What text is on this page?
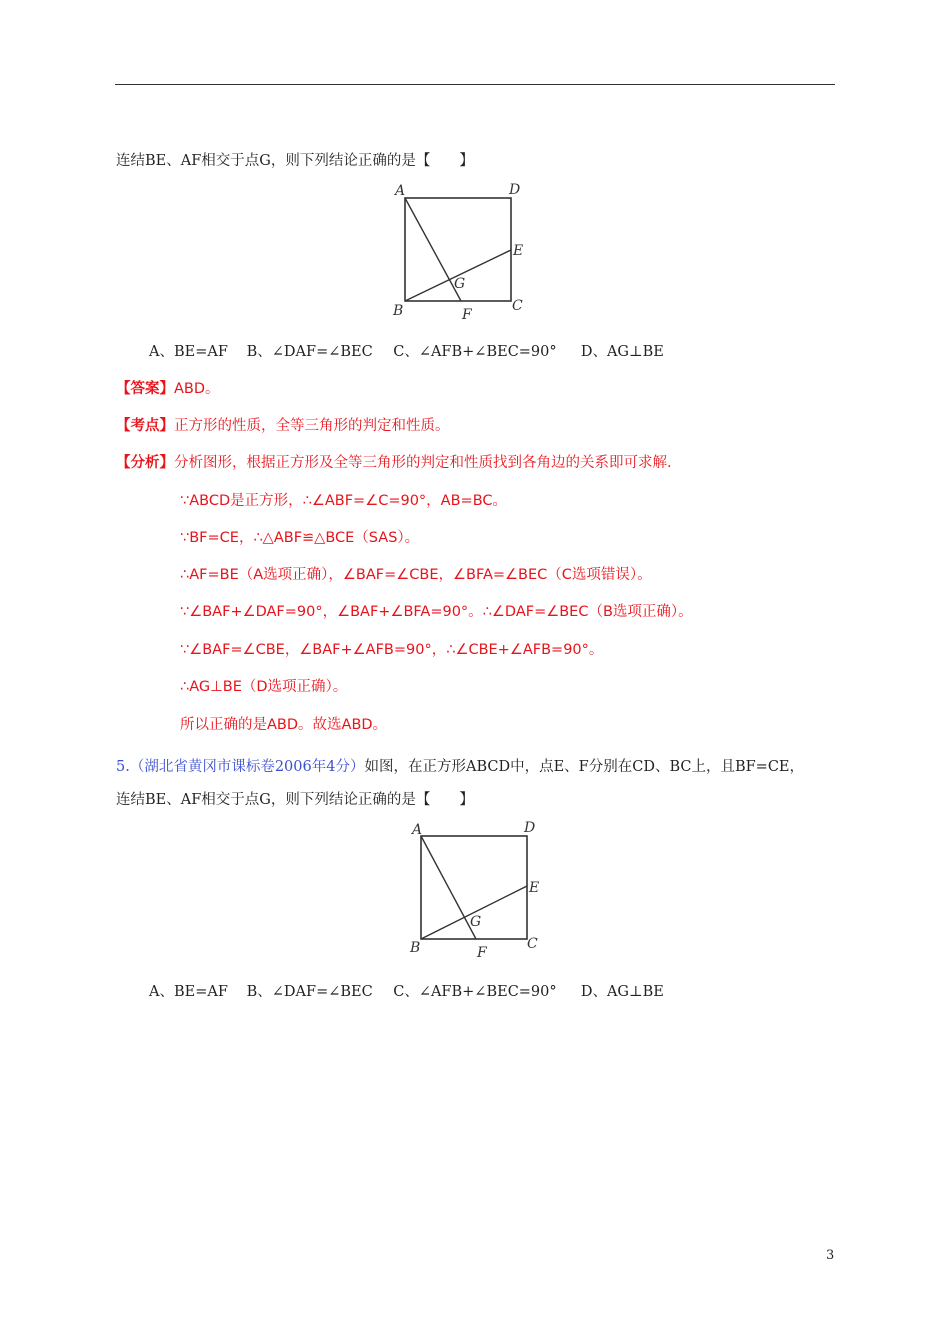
连结BE、AF相交于点G，则下列结论正确的是【　　】
A	D
E
G
B	C
F
A、BE=AF B、∠DAF=∠BEC C、∠AFB+∠BEC=90° D、AG⊥BE
【答案】ABD。
【考点】正方形的性质，全等三角形的判定和性质。
【分析】分析图形，根据正方形及全等三角形的判定和性质找到各角边的关系即可求解.
∵ABCD是正方形，∴∠ABF=∠C=90°，AB=BC。
∵BF=CE，∴△ABF≌△BCE（SAS）。
∴AF=BE（A选项正确），∠BAF=∠CBE，∠BFA=∠BEC（C选项错误）。
∵∠BAF+∠DAF=90°，∠BAF+∠BFA=90°。∴∠DAF=∠BEC（B选项正确）。
∵∠BAF=∠CBE，∠BAF+∠AFB=90°，∴∠CBE+∠AFB=90°。
∴AG⊥BE（D选项正确）。
所以正确的是ABD。故选ABD。
5.（湖北省黄冈市课标卷2006年4分）如图，在正方形ABCD中，点E、F分别在CD、BC上，且BF=CE，
连结BE、AF相交于点G，则下列结论正确的是【　　】
A	D
E
G
B	C
F
A、BE=AF B、∠DAF=∠BEC C、∠AFB+∠BEC=90° D、AG⊥BE
3
